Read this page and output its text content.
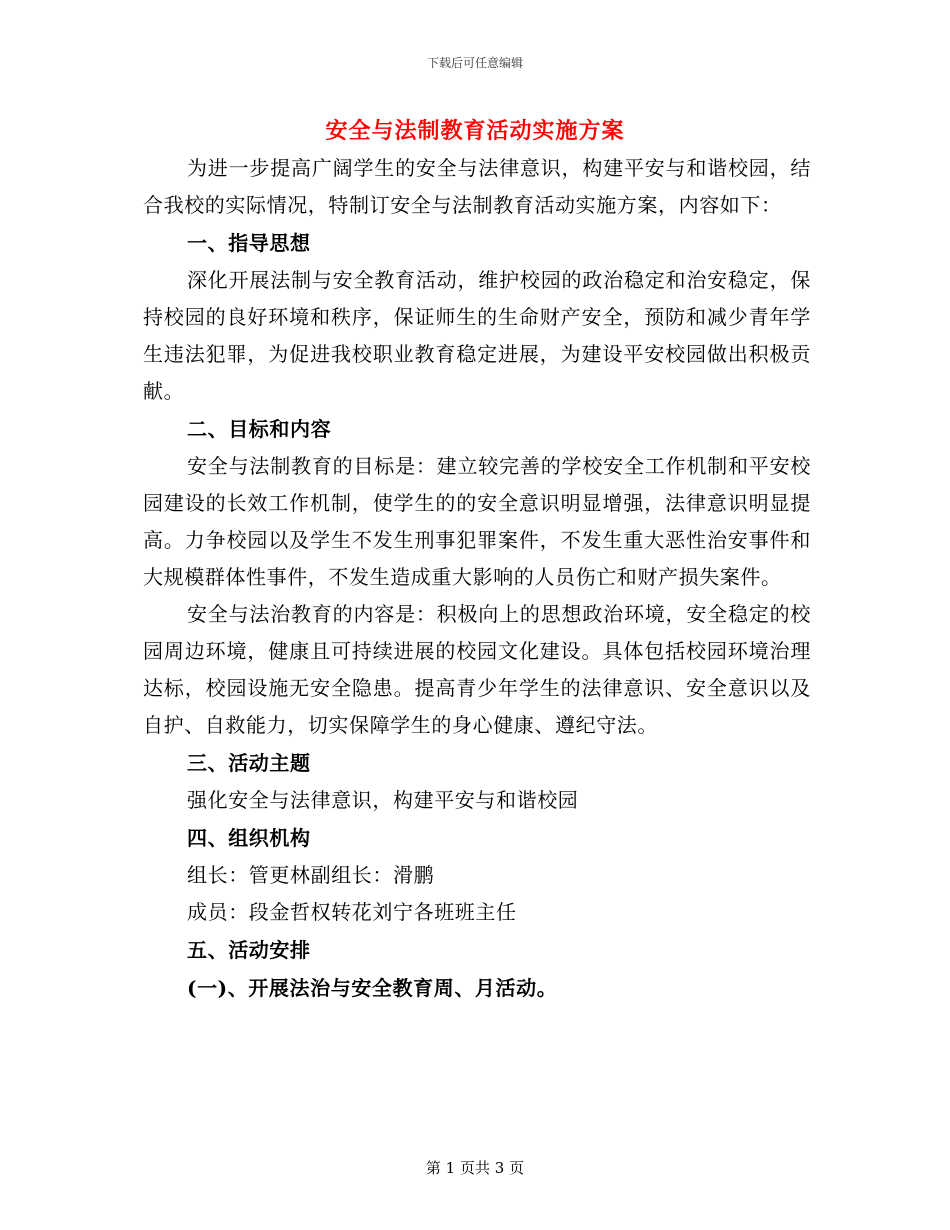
下载后可任意编辑
安全与法制教育活动实施方案

为进一步提高广阔学生的安全与法律意识，构建平安与和谐校园，结合我校的实际情况，特制订安全与法制教育活动实施方案，内容如下：

一、指导思想

深化开展法制与安全教育活动，维护校园的政治稳定和治安稳定，保持校园的良好环境和秩序，保证师生的生命财产安全，预防和减少青年学生违法犯罪，为促进我校职业教育稳定进展，为建设平安校园做出积极贡献。

二、目标和内容

安全与法制教育的目标是：建立较完善的学校安全工作机制和平安校园建设的长效工作机制，使学生的的安全意识明显增强，法律意识明显提高。力争校园以及学生不发生刑事犯罪案件，不发生重大恶性治安事件和大规模群体性事件，不发生造成重大影响的人员伤亡和财产损失案件。

安全与法治教育的内容是：积极向上的思想政治环境，安全稳定的校园周边环境，健康且可持续进展的校园文化建设。具体包括校园环境治理达标，校园设施无安全隐患。提高青少年学生的法律意识、安全意识以及自护、自救能力，切实保障学生的身心健康、遵纪守法。

三、活动主题

强化安全与法律意识，构建平安与和谐校园

四、组织机构

组长：管更林副组长：滑鹏

成员：段金哲权转花刘宁各班班主任

五、活动安排

(一)、开展法治与安全教育周、月活动。

第 1 页共 3 页
